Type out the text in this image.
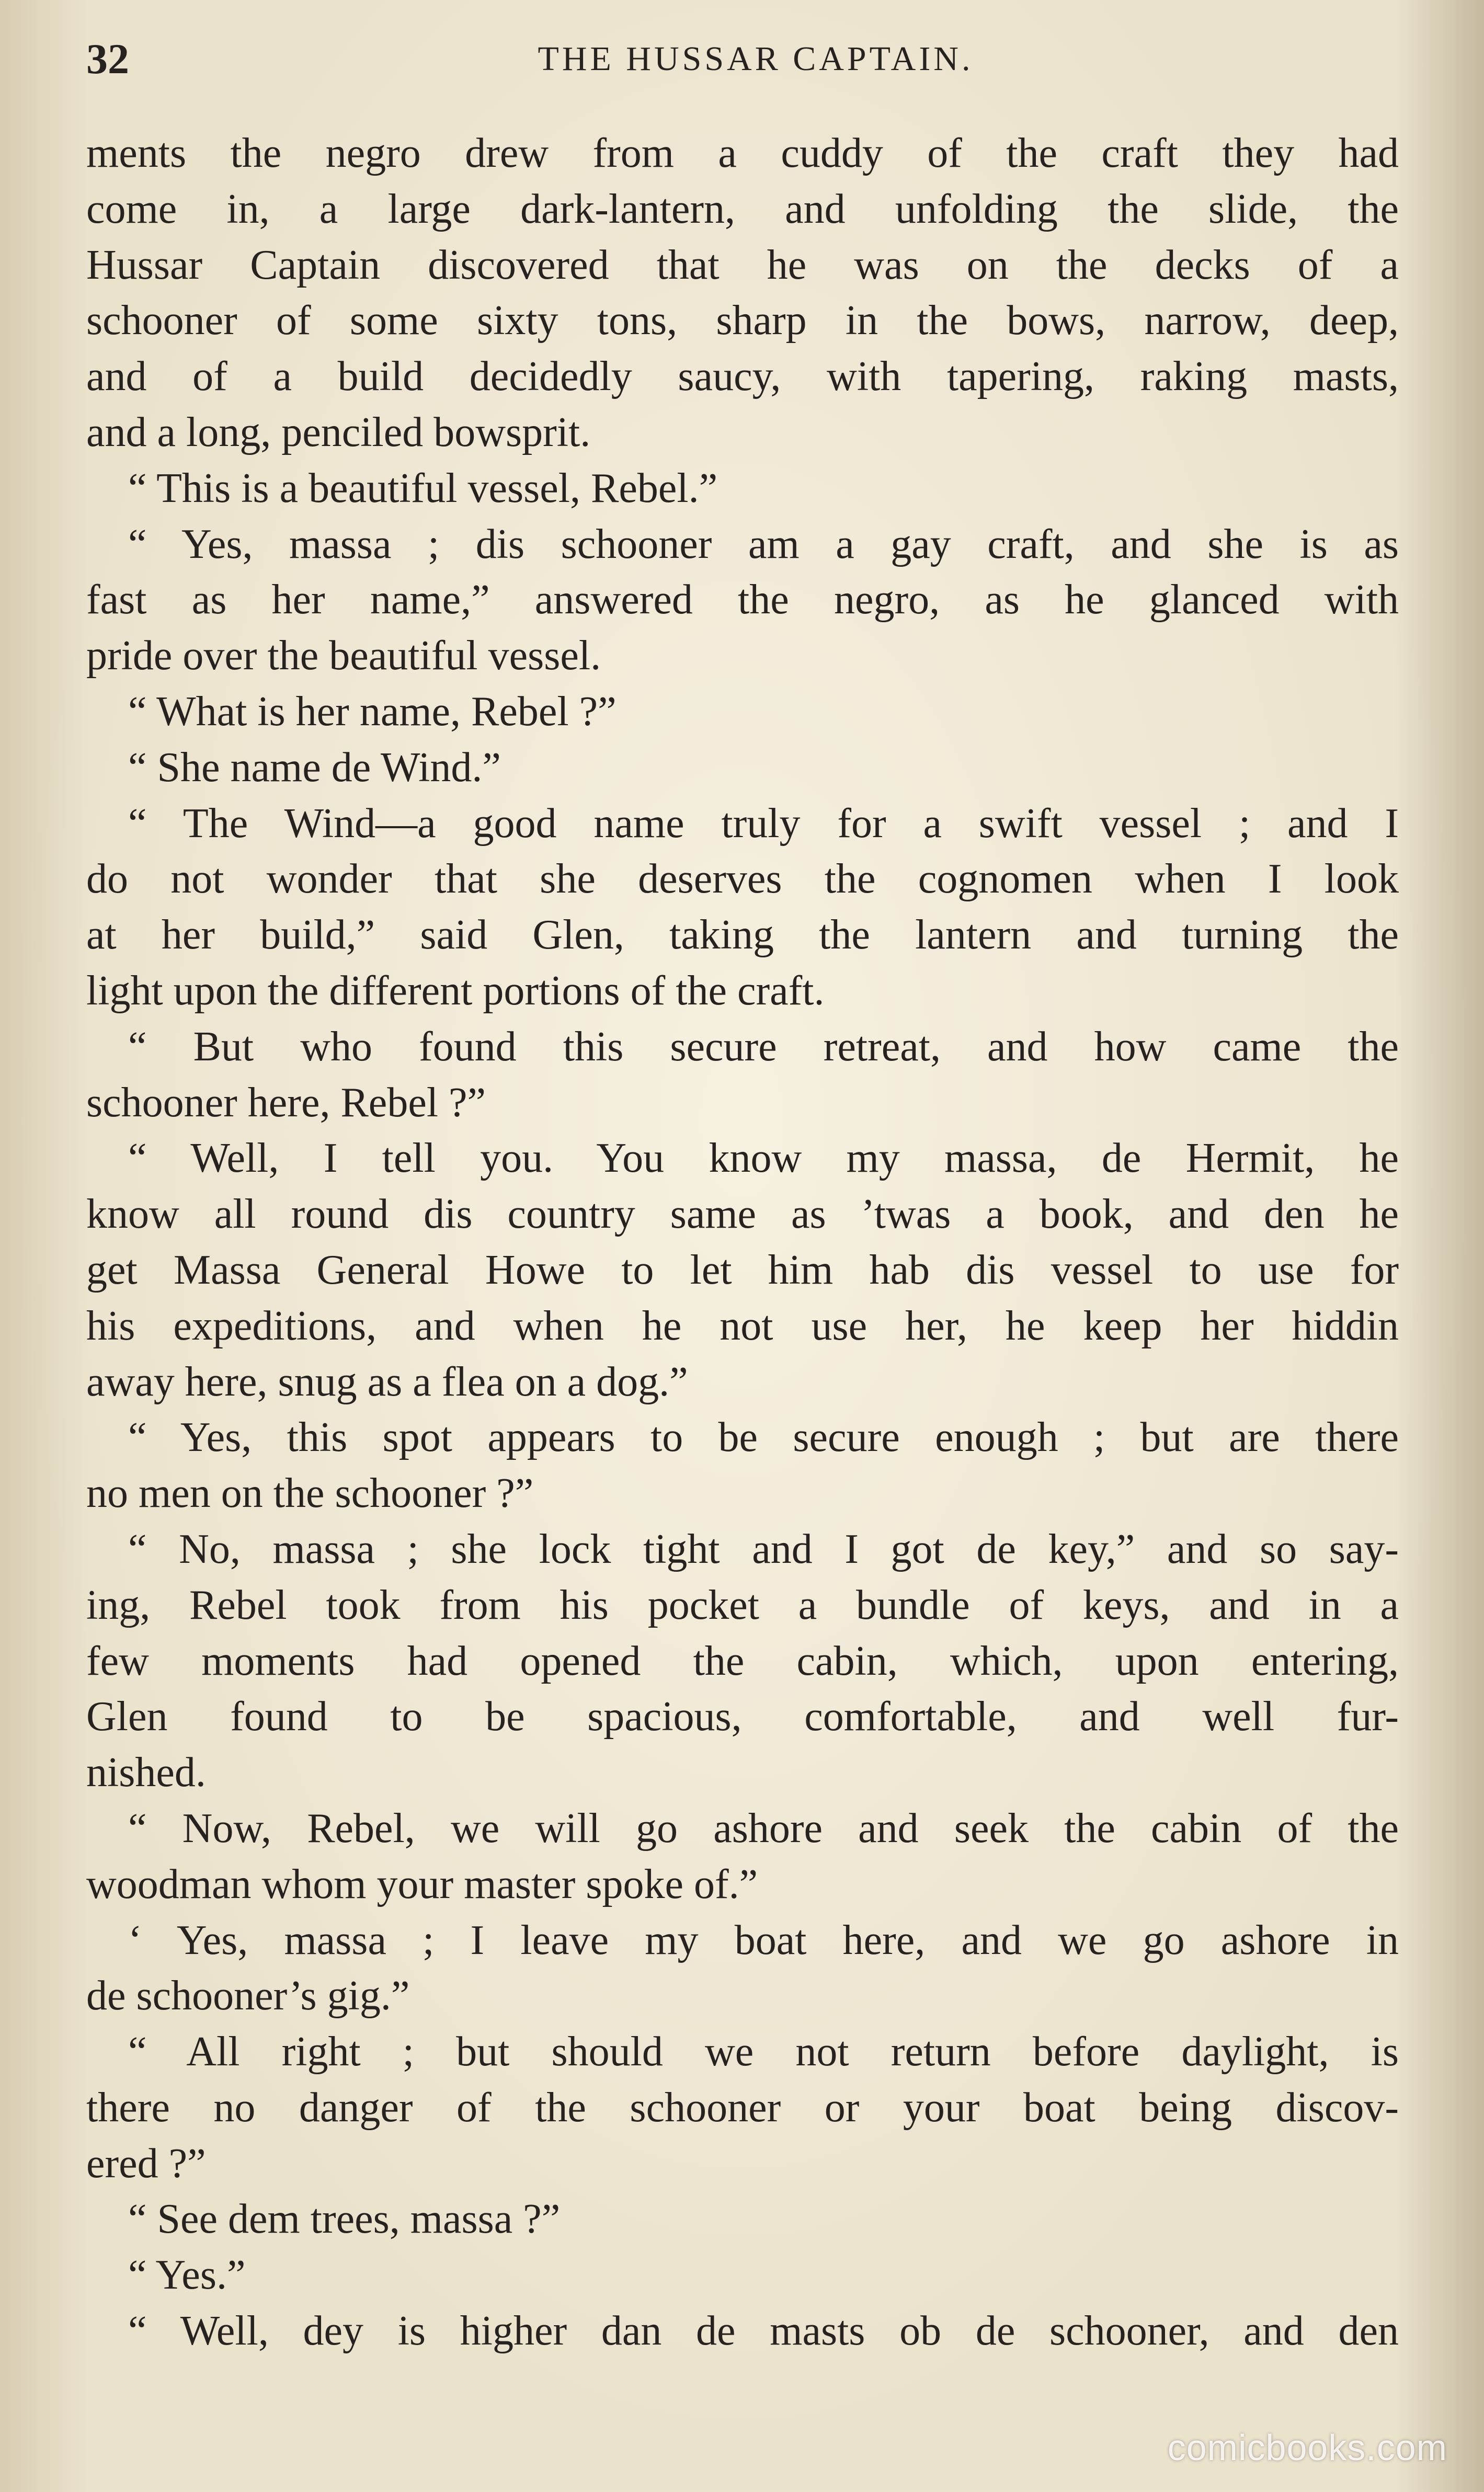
32	THE HUSSAR CAPTAIN.
ments the negro drew from a cuddy of the craft they had
come in, a large dark-lantern, and unfolding the slide, the
Hussar Captain discovered that he was on the decks of a
schooner of some sixty tons, sharp in the bows, narrow, deep,
and of a build decidedly saucy, with tapering, raking masts,
and a long, penciled bowsprit.
“ This is a beautiful vessel, Rebel.”
“ Yes, massa ; dis schooner am a gay craft, and she is as
fast as her name,” answered the negro, as he glanced with
pride over the beautiful vessel.
“ What is her name, Rebel ?”
“ She name de Wind.”
“ The Wind—a good name truly for a swift vessel ; and I
do not wonder that she deserves the cognomen when I look
at her build,” said Glen, taking the lantern and turning the
light upon the different portions of the craft.
“ But who found this secure retreat, and how came the
schooner here, Rebel ?”
“ Well, I tell you. You know my massa, de Hermit, he
know all round dis country same as ’twas a book, and den he
get Massa General Howe to let him hab dis vessel to use for
his expeditions, and when he not use her, he keep her hiddin
away here, snug as a flea on a dog.”
“ Yes, this spot appears to be secure enough ; but are there
no men on the schooner ?”
“ No, massa ; she lock tight and I got de key,” and so say-
ing, Rebel took from his pocket a bundle of keys, and in a
few moments had opened the cabin, which, upon entering,
Glen found to be spacious, comfortable, and well fur-
nished.
“ Now, Rebel, we will go ashore and seek the cabin of the
woodman whom your master spoke of.”
‘ Yes, massa ; I leave my boat here, and we go ashore in
de schooner’s gig.”
“ All right ; but should we not return before daylight, is
there no danger of the schooner or your boat being discov-
ered ?”
“ See dem trees, massa ?”
“ Yes.”
“ Well, dey is higher dan de masts ob de schooner, and den
comicbooks.com
